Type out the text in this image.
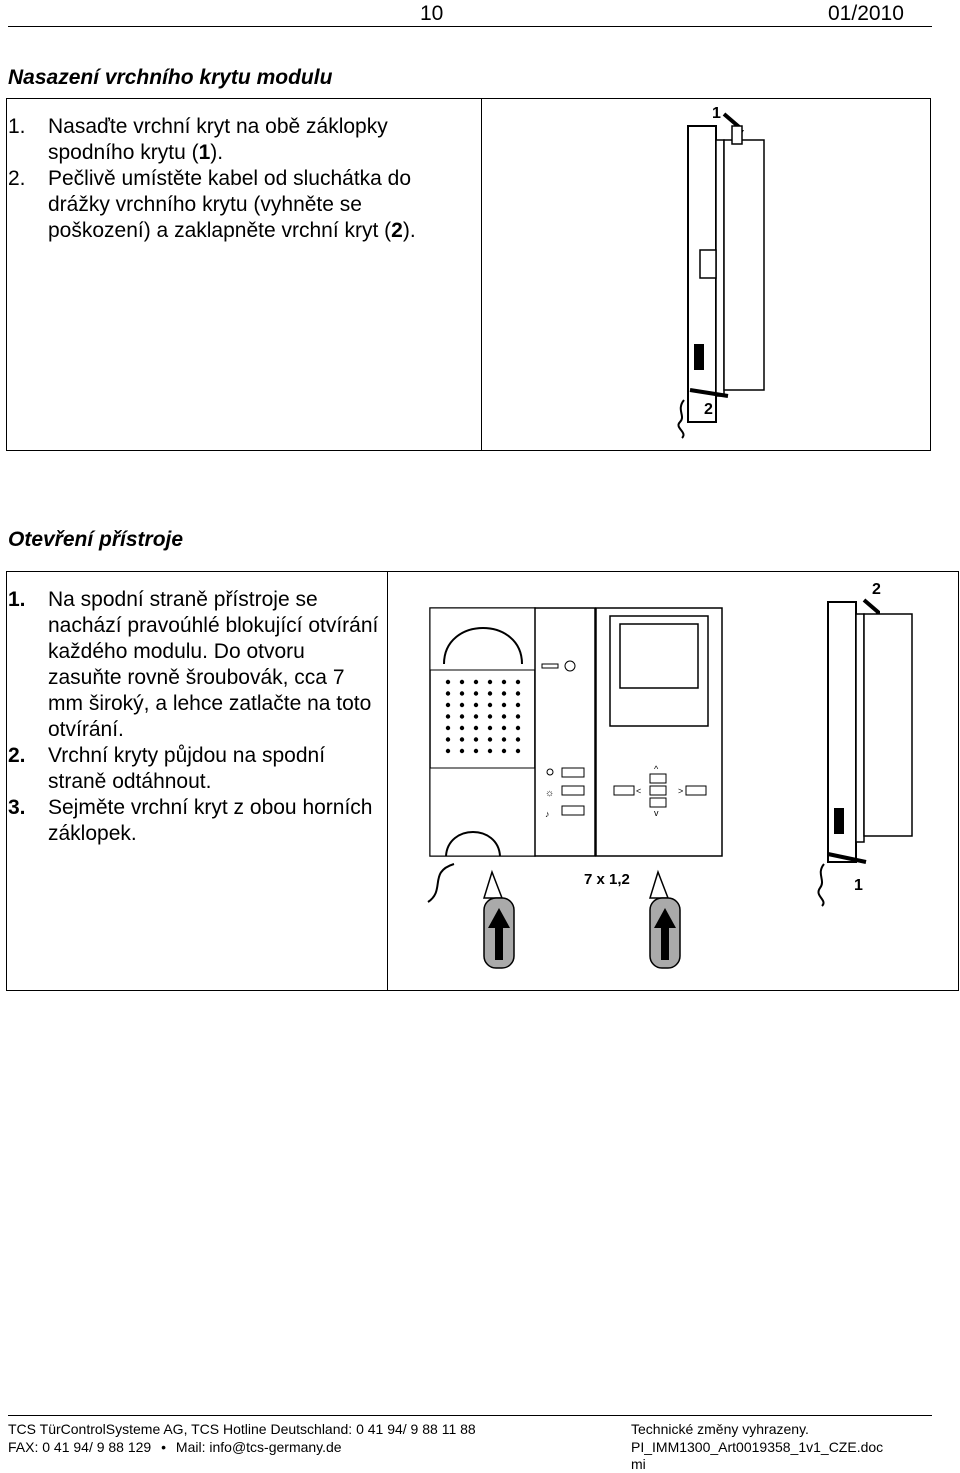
10	01/2010
Nasazení vrchního krytu modulu
1.	Nasaďte vrchní kryt na obě záklopky spodního krytu (1).
2.	Pečlivě umístěte kabel od sluchátka do drážky vrchního krytu (vyhněte se poškození) a zaklapněte vrchní kryt (2).
1
2
Otevření přístroje
1.	Na spodní straně přístroje se nachází pravoúhlé blokující otvírání každého modulu. Do otvoru zasuňte rovně šroubovák, cca 7 mm široký, a lehce zatlačte na toto otvírání.
2.	Vrchní kryty půjdou na spodní straně odtáhnout.
3.	Sejměte vrchní kryt z obou horních záklopek.
☼
♪
^
<	>
v
7 x 1,2
2
1
TCS TürControlSysteme AG, TCS Hotline Deutschland: 0 41 94/ 9 88 11 88
FAX: 0 41 94/ 9 88 129 • Mail: info@tcs-germany.de
Technické změny vyhrazeny.
PI_IMM1300_Art0019358_1v1_CZE.doc
mi
